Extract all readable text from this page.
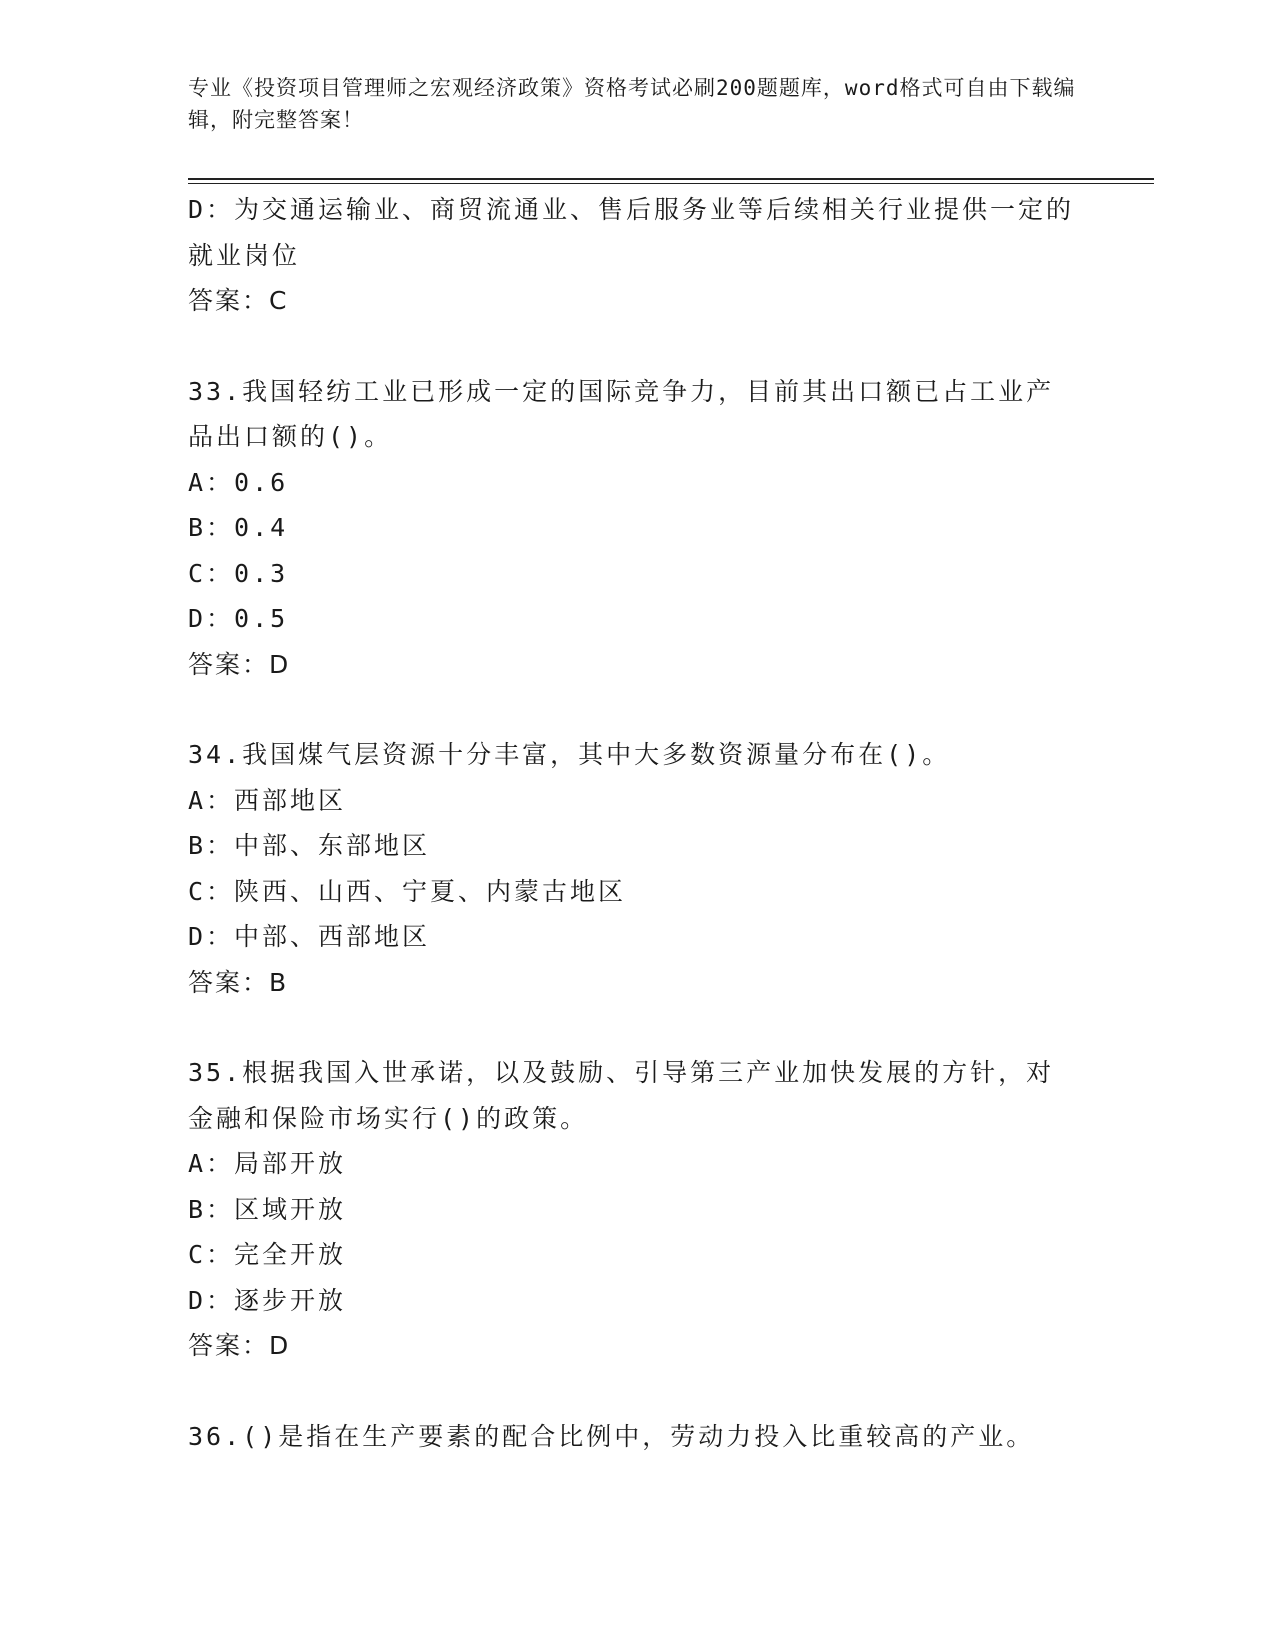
专业《投资项目管理师之宏观经济政策》资格考试必刷200题题库，word格式可自由下载编辑，附完整答案！
D：为交通运输业、商贸流通业、售后服务业等后续相关行业提供一定的就业岗位
答案：C
33.我国轻纺工业已形成一定的国际竞争力，目前其出口额已占工业产品出口额的()。
A：0.6
B：0.4
C：0.3
D：0.5
答案：D
34.我国煤气层资源十分丰富，其中大多数资源量分布在()。
A：西部地区
B：中部、东部地区
C：陕西、山西、宁夏、内蒙古地区
D：中部、西部地区
答案：B
35.根据我国入世承诺，以及鼓励、引导第三产业加快发展的方针，对金融和保险市场实行()的政策。
A：局部开放
B：区域开放
C：完全开放
D：逐步开放
答案：D
36.()是指在生产要素的配合比例中，劳动力投入比重较高的产业。
